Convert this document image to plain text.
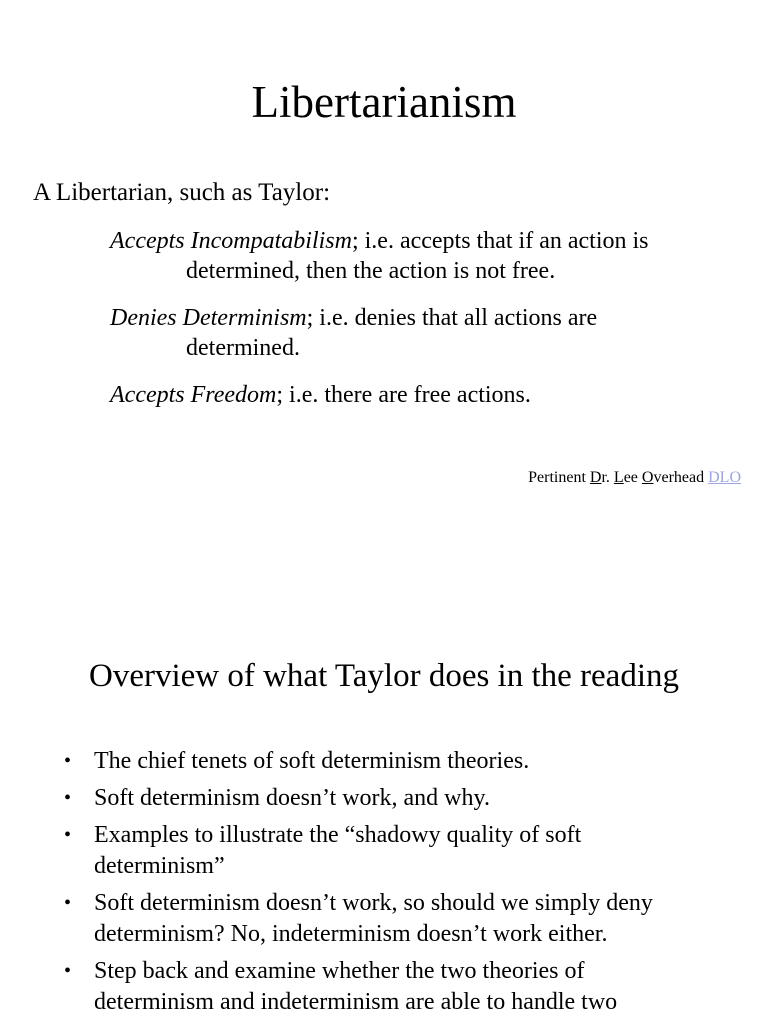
Libertarianism
A Libertarian, such as Taylor:
Accepts Incompatabilism; i.e. accepts that if an action is
determined, then the action is not free.
Denies Determinism; i.e. denies that all actions are
determined.
Accepts Freedom; i.e. there are free actions.
Pertinent Dr. Lee Overhead DLO
Overview of what Taylor does in the reading
• The chief tenets of soft determinism theories.
• Soft determinism doesn’t work, and why.
• Examples to illustrate the “shadowy quality of soft
determinism”
• Soft determinism doesn’t work, so should we simply deny
determinism? No, indeterminism doesn’t work either.
• Step back and examine whether the two theories of
determinism and indeterminism are able to handle two
